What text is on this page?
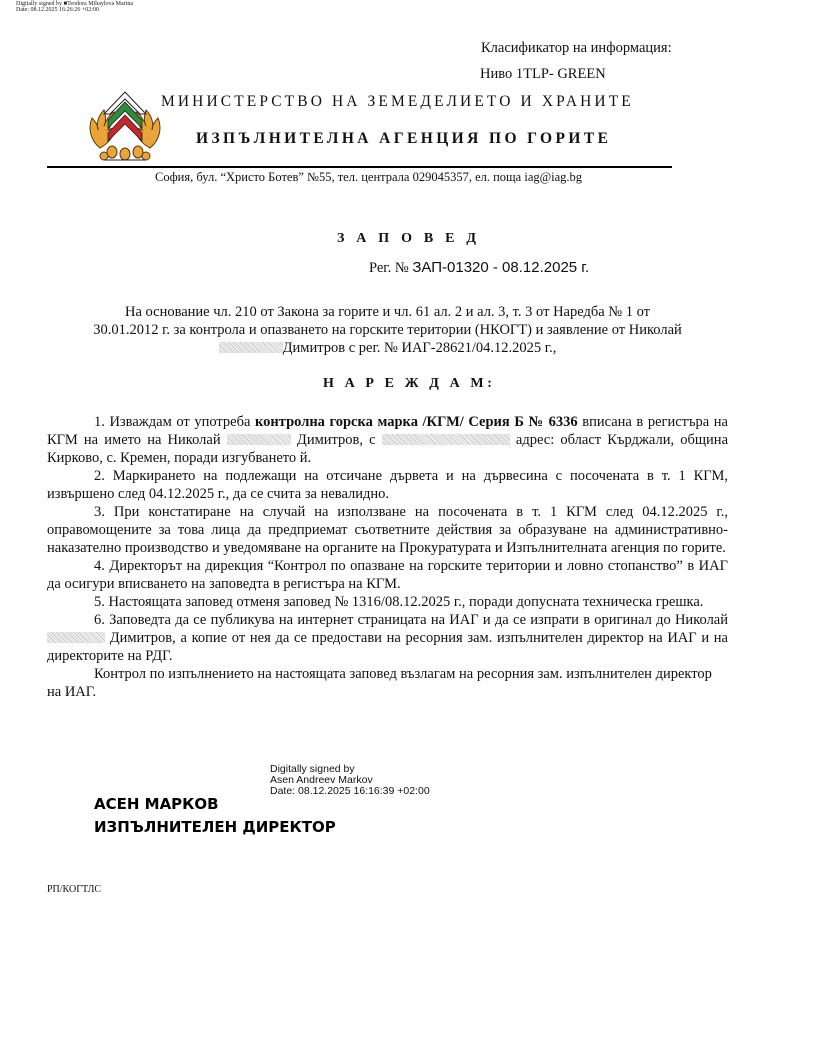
Digitally signed by ■Teodora Mihaylova Marina
Date: 08.12.2025 16:26:26 +02:00
Класификатор на информация:
Ниво 1TLP- GREEN
МИНИСТЕРСТВО НА ЗЕМЕДЕЛИЕТО И ХРАНИТЕ
ИЗПЪЛНИТЕЛНА АГЕНЦИЯ ПО ГОРИТЕ
София, бул. “Христо Ботев” №55, тел. централа 029045357, ел. поща iag@iag.bg
З А П О В Е Д
Рег. № ЗАП-01320 - 08.12.2025 г.
На основание чл. 210 от Закона за горите и чл. 61 ал. 2 и ал. 3, т. 3 от Наредба № 1 от
30.01.2012 г. за контрола и опазването на горските територии (НКОГТ) и заявление от Николай
Димитров с рег. № ИАГ-28621/04.12.2025 г.,
Н А Р Е Ж Д А М:
1. Изваждам от употреба контролна горска марка /КГМ/ Серия Б № 6336 вписана в регистъра на КГМ на името на Николай	Димитров, с	адрес: област Кърджали, община Кирково, с. Кремен, поради изгубването й.
2. Маркирането на подлежащи на отсичане дървета и на дървесина с посочената в т. 1 КГМ, извършено след 04.12.2025 г., да се счита за невалидно.
3. При констатиране на случай на използване на посочената в т. 1 КГМ след 04.12.2025 г., оправомощените за това лица да предприемат съответните действия за образуване на административно-наказателно производство и уведомяване на органите на Прокуратурата и Изпълнителната агенция по горите.
4. Директорът на дирекция “Контрол по опазване на горските територии и ловно стопанство” в ИАГ да осигури вписването на заповедта в регистъра на КГМ.
5. Настоящата заповед отменя заповед № 1316/08.12.2025 г., поради допусната техническа грешка.
6. Заповедта да се публикува на интернет страницата на ИАГ и да се изпрати в оригинал до Николай  Димитров, а копие от нея да се предостави на ресорния зам. изпълнителен директор на ИАГ и на директорите на РДГ.
Контрол по изпълнението на настоящата заповед възлагам на ресорния зам. изпълнителен директор на ИАГ.
Digitally signed by
Asen Andreev Markov
Date: 08.12.2025 16:16:39 +02:00
АСЕН МАРКОВ
ИЗПЪЛНИТЕЛЕН ДИРЕКТОР
РП/КОГТЛС
